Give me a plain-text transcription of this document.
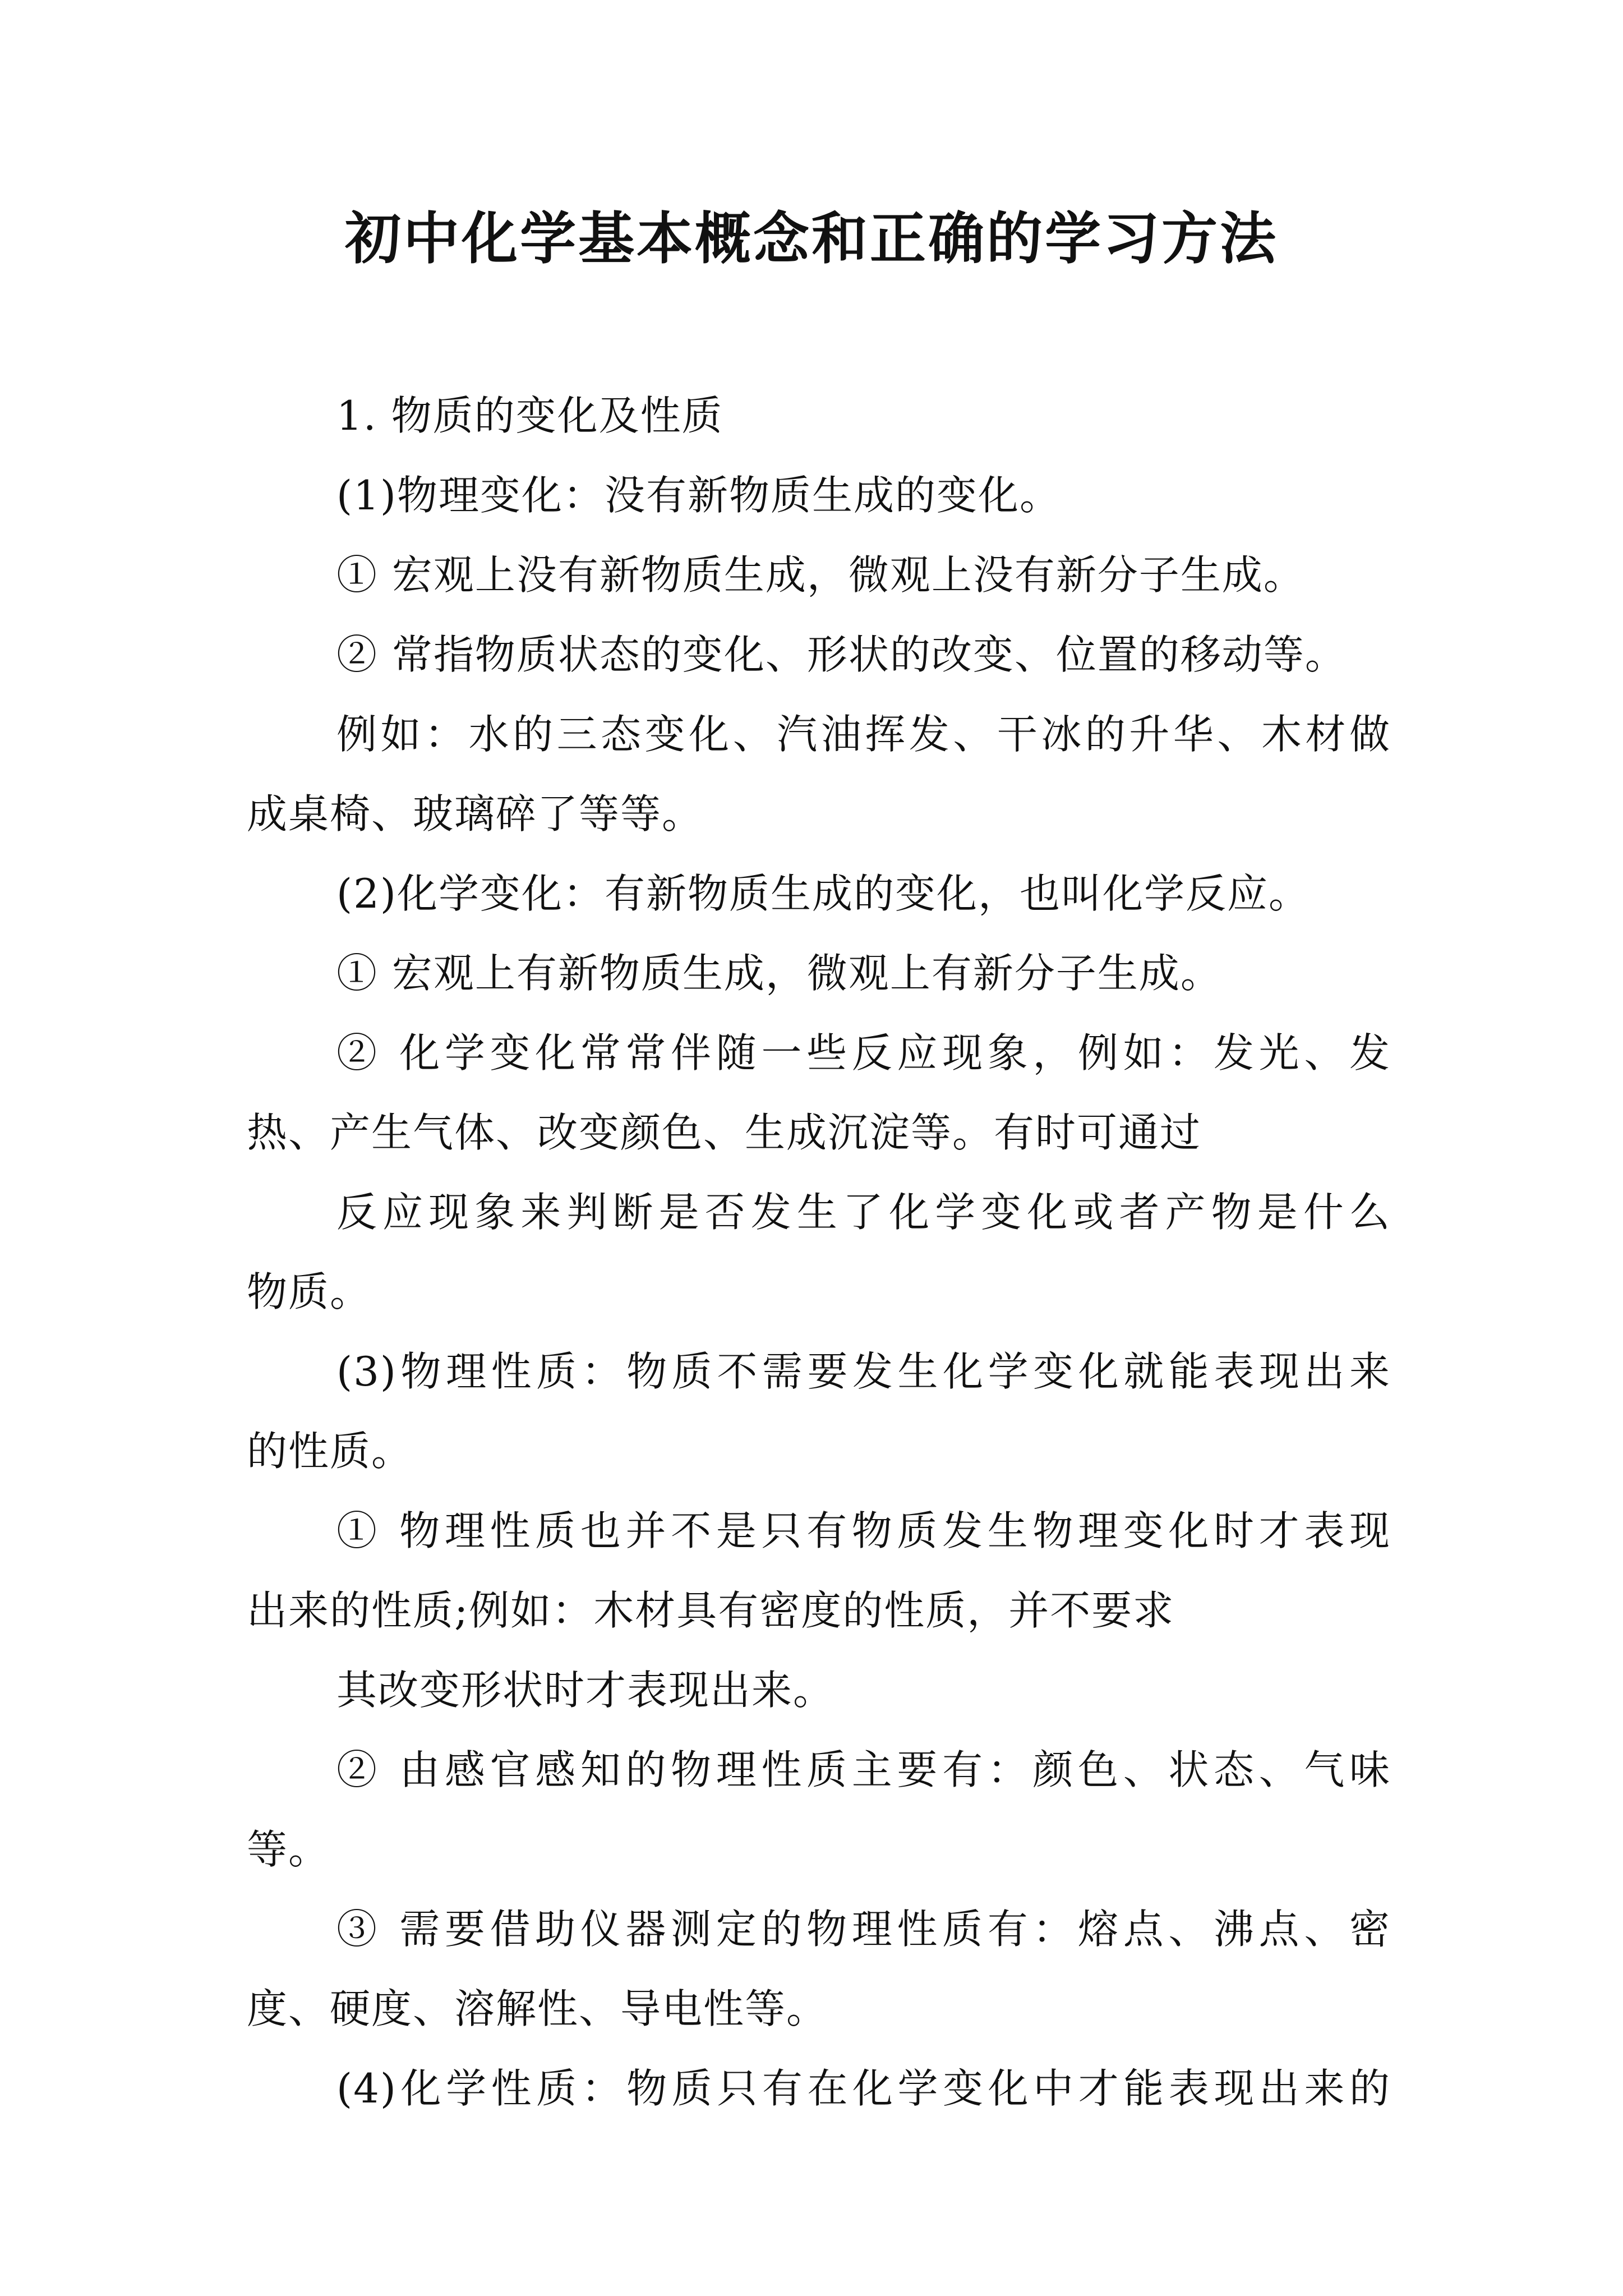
初中化学基本概念和正确的学习方法
1. 物质的变化及性质
(1)物理变化：没有新物质生成的变化。
① 宏观上没有新物质生成，微观上没有新分子生成。
② 常指物质状态的变化、形状的改变、位置的移动等。
例如：水的三态变化、汽油挥发、干冰的升华、木材做
成桌椅、玻璃碎了等等。
(2)化学变化：有新物质生成的变化，也叫化学反应。
① 宏观上有新物质生成，微观上有新分子生成。
② 化学变化常常伴随一些反应现象，例如：发光、发
热、产生气体、改变颜色、生成沉淀等。有时可通过
反应现象来判断是否发生了化学变化或者产物是什么
物质。
(3)物理性质：物质不需要发生化学变化就能表现出来
的性质。
① 物理性质也并不是只有物质发生物理变化时才表现
出来的性质;例如：木材具有密度的性质，并不要求
其改变形状时才表现出来。
② 由感官感知的物理性质主要有：颜色、状态、气味
等。
③ 需要借助仪器测定的物理性质有：熔点、沸点、密
度、硬度、溶解性、导电性等。
(4)化学性质：物质只有在化学变化中才能表现出来的
